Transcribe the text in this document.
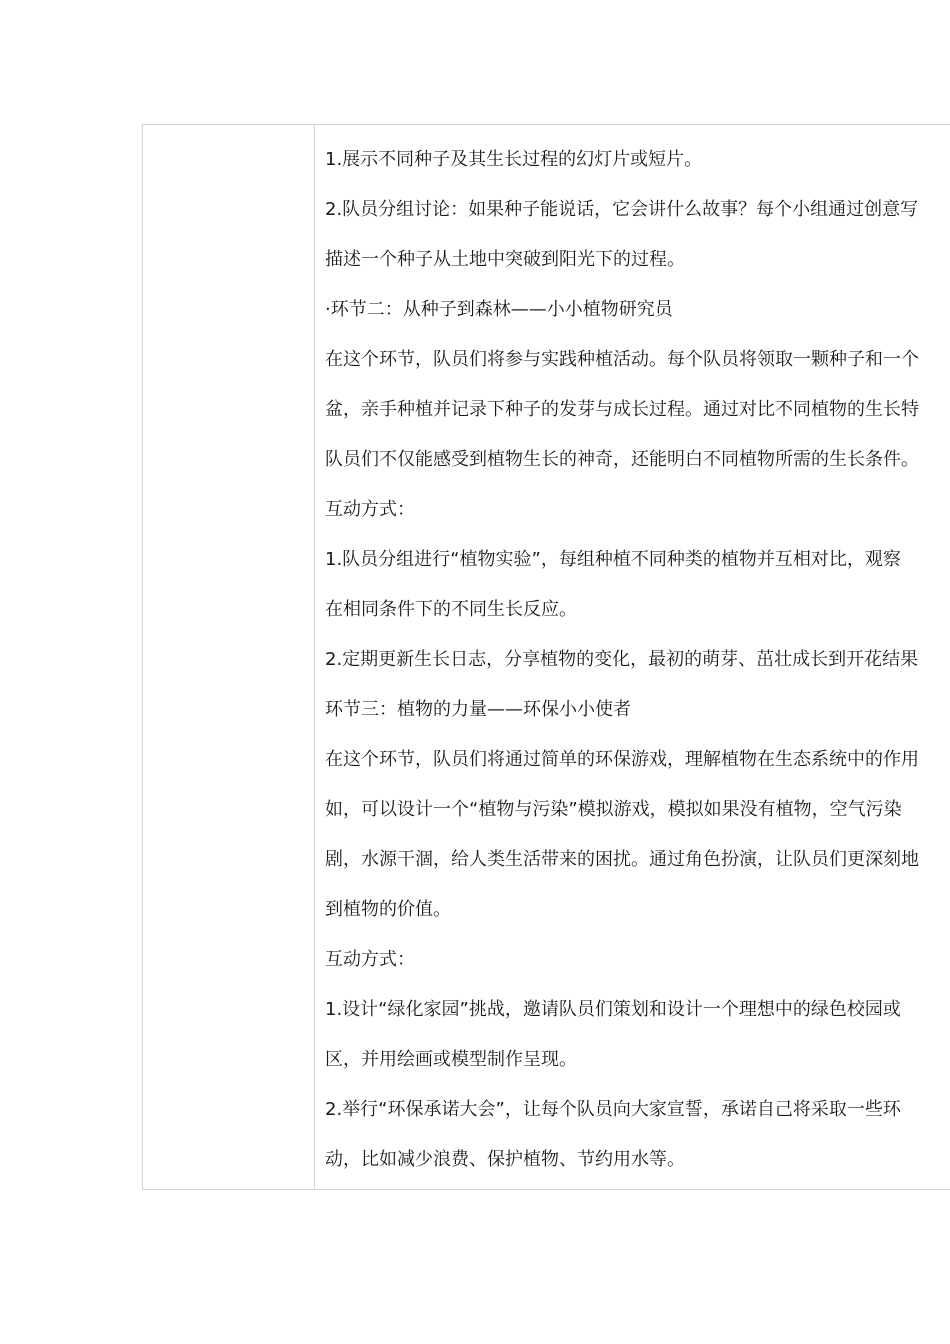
1.展示不同种子及其生长过程的幻灯片或短片。
2.队员分组讨论：如果种子能说话，它会讲什么故事？每个小组通过创意写
描述一个种子从土地中突破到阳光下的过程。
·环节二：从种子到森林——小小植物研究员
在这个环节，队员们将参与实践种植活动。每个队员将领取一颗种子和一个
盆，亲手种植并记录下种子的发芽与成长过程。通过对比不同植物的生长特
队员们不仅能感受到植物生长的神奇，还能明白不同植物所需的生长条件。
互动方式：
1.队员分组进行“植物实验”，每组种植不同种类的植物并互相对比，观察
在相同条件下的不同生长反应。
2.定期更新生长日志，分享植物的变化，最初的萌芽、茁壮成长到开花结果
环节三：植物的力量——环保小小使者
在这个环节，队员们将通过简单的环保游戏，理解植物在生态系统中的作用
如，可以设计一个“植物与污染”模拟游戏，模拟如果没有植物，空气污染
剧，水源干涸，给人类生活带来的困扰。通过角色扮演，让队员们更深刻地
到植物的价值。
互动方式：
1.设计“绿化家园”挑战，邀请队员们策划和设计一个理想中的绿色校园或
区，并用绘画或模型制作呈现。
2.举行“环保承诺大会”，让每个队员向大家宣誓，承诺自己将采取一些环
动，比如减少浪费、保护植物、节约用水等。
